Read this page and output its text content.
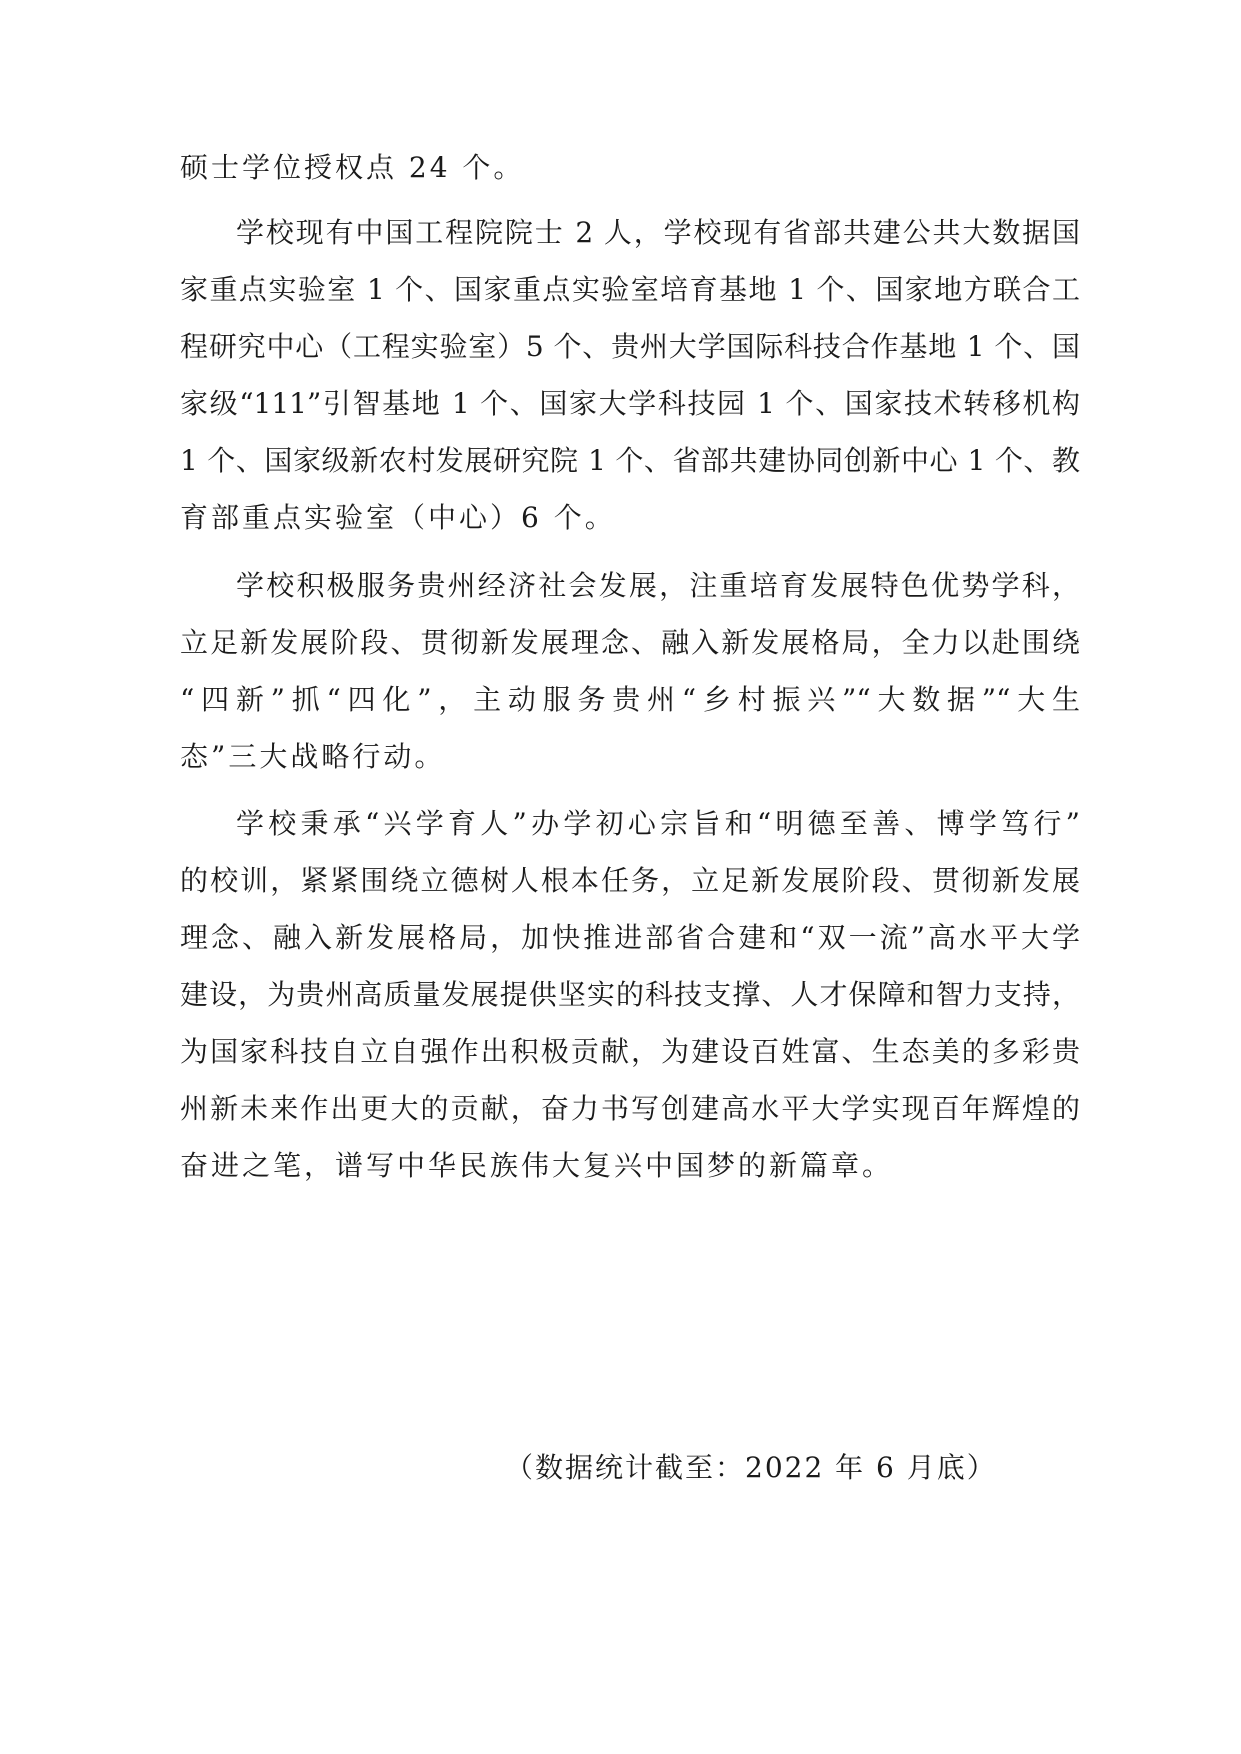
硕士学位授权点 24 个。
学校现有中国工程院院士 2 人，学校现有省部共建公共大数据国
家重点实验室 1 个、国家重点实验室培育基地 1 个、国家地方联合工
程研究中心（工程实验室）5 个、贵州大学国际科技合作基地 1 个、国
家级“111”引智基地 1 个、国家大学科技园 1 个、国家技术转移机构
1 个、国家级新农村发展研究院 1 个、省部共建协同创新中心 1 个、教
育部重点实验室（中心）6 个。
学校积极服务贵州经济社会发展，注重培育发展特色优势学科，
立足新发展阶段、贯彻新发展理念、融入新发展格局，全力以赴围绕
“四新”抓“四化”，主动服务贵州“乡村振兴”“大数据”“大生
态”三大战略行动。
学校秉承“兴学育人”办学初心宗旨和“明德至善、博学笃行”
的校训，紧紧围绕立德树人根本任务，立足新发展阶段、贯彻新发展
理念、融入新发展格局，加快推进部省合建和“双一流”高水平大学
建设，为贵州高质量发展提供坚实的科技支撑、人才保障和智力支持，
为国家科技自立自强作出积极贡献，为建设百姓富、生态美的多彩贵
州新未来作出更大的贡献，奋力书写创建高水平大学实现百年辉煌的
奋进之笔，谱写中华民族伟大复兴中国梦的新篇章。
（数据统计截至：2022 年 6 月底）
